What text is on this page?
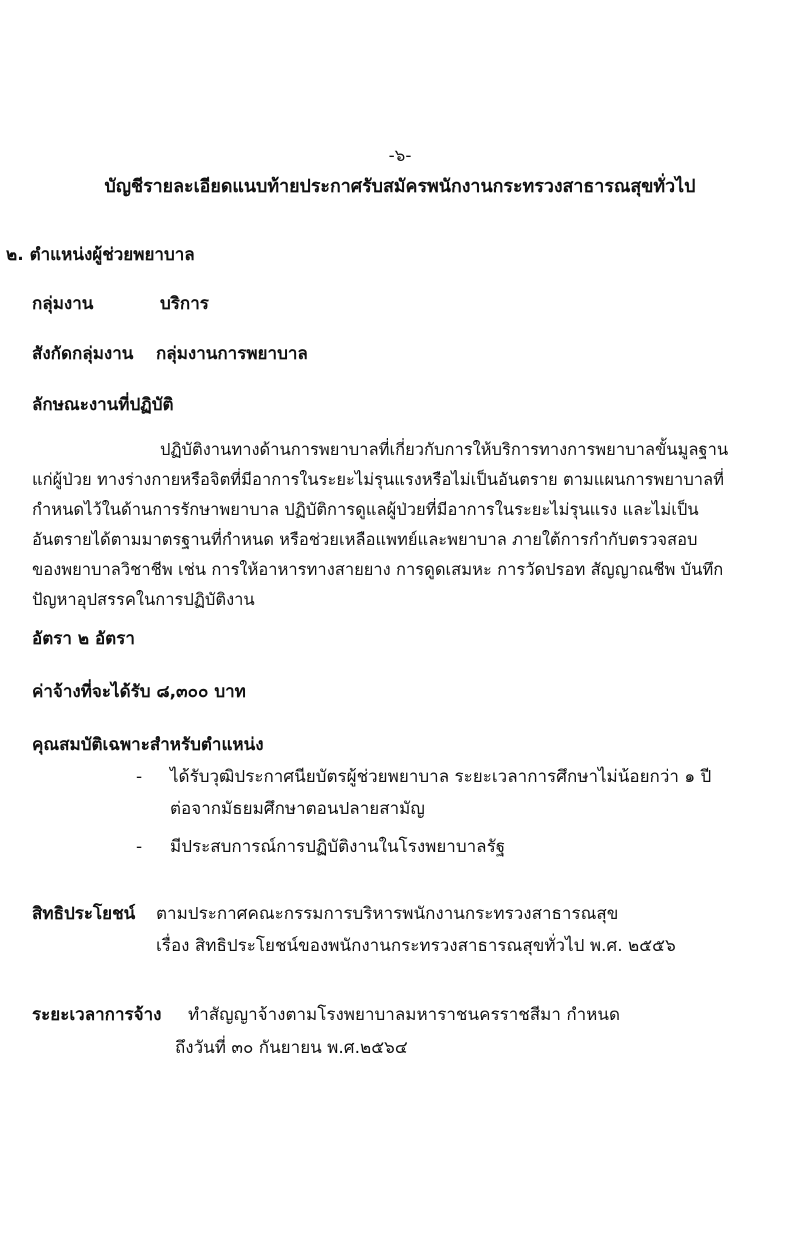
-๖-
บัญชีรายละเอียดแนบท้ายประกาศรับสมัครพนักงานกระทรวงสาธารณสุขทั่วไป
๒. ตำแหน่งผู้ช่วยพยาบาล
กลุ่มงาน	บริการ
สังกัดกลุ่มงาน กลุ่มงานการพยาบาล
ลักษณะงานที่ปฏิบัติ
ปฏิบัติงานทางด้านการพยาบาลที่เกี่ยวกับการให้บริการทางการพยาบาลขั้นมูลฐาน
แก่ผู้ป่วย ทางร่างกายหรือจิตที่มีอาการในระยะไม่รุนแรงหรือไม่เป็นอันตราย ตามแผนการพยาบาลที่
กำหนดไว้ในด้านการรักษาพยาบาล ปฏิบัติการดูแลผู้ป่วยที่มีอาการในระยะไม่รุนแรง และไม่เป็น
อันตรายได้ตามมาตรฐานที่กำหนด หรือช่วยเหลือแพทย์และพยาบาล ภายใต้การกำกับตรวจสอบ
ของพยาบาลวิชาชีพ เช่น การให้อาหารทางสายยาง การดูดเสมหะ การวัดปรอท สัญญาณชีพ บันทึก
ปัญหาอุปสรรคในการปฏิบัติงาน
อัตรา ๒ อัตรา
ค่าจ้างที่จะได้รับ ๘,๓๐๐ บาท
คุณสมบัติเฉพาะสำหรับตำแหน่ง
- ได้รับวุฒิประกาศนียบัตรผู้ช่วยพยาบาล ระยะเวลาการศึกษาไม่น้อยกว่า ๑ ปี
ต่อจากมัธยมศึกษาตอนปลายสามัญ
- มีประสบการณ์การปฏิบัติงานในโรงพยาบาลรัฐ
สิทธิประโยชน์ ตามประกาศคณะกรรมการบริหารพนักงานกระทรวงสาธารณสุข
เรื่อง สิทธิประโยชน์ของพนักงานกระทรวงสาธารณสุขทั่วไป พ.ศ. ๒๕๕๖
ระยะเวลาการจ้าง ทำสัญญาจ้างตามโรงพยาบาลมหาราชนครราชสีมา กำหนด
ถึงวันที่ ๓๐ กันยายน พ.ศ.๒๕๖๔
